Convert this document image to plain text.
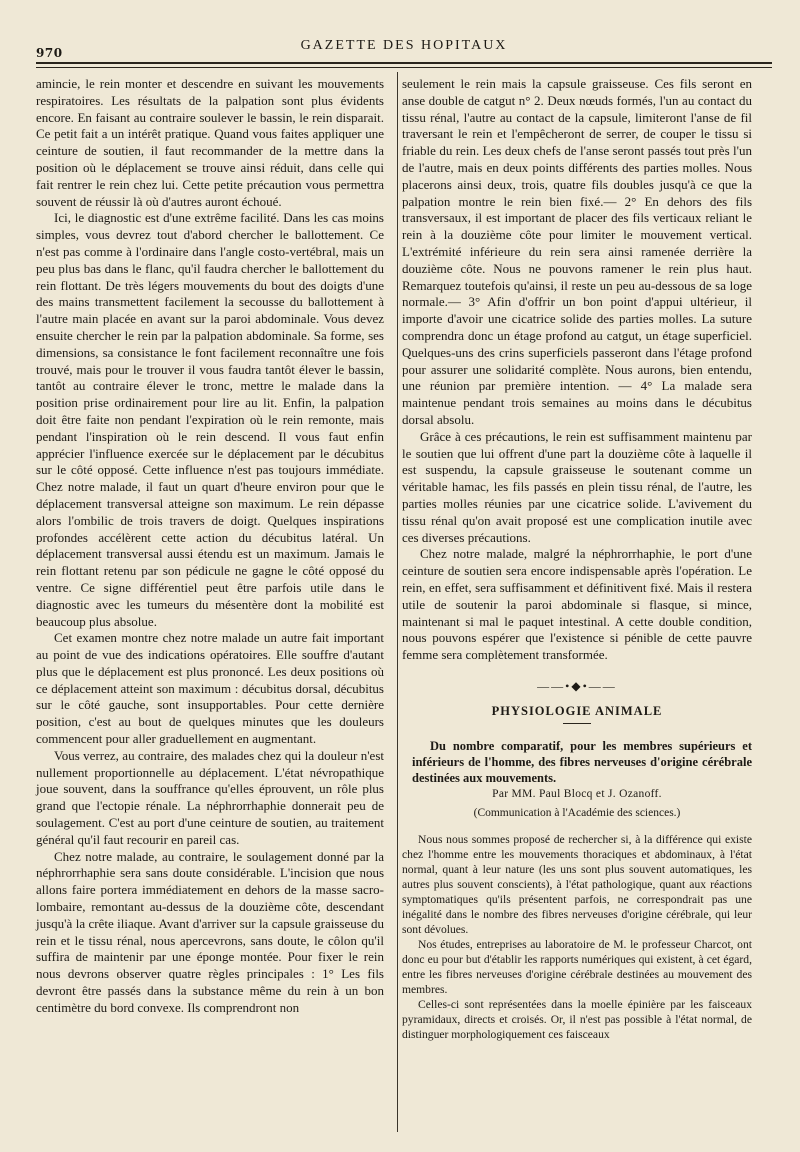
970	GAZETTE DES HOPITAUX

amincie, le rein monter et descendre en suivant les mouvements respiratoires. Les résultats de la palpation sont plus évidents encore. En faisant au contraire soulever le bassin, le rein disparait. Ce petit fait a un intérêt pratique. Quand vous faites appliquer une ceinture de soutien, il faut recommander de la mettre dans la position où le déplacement se trouve ainsi réduit, dans celle qui fait rentrer le rein chez lui. Cette petite précaution vous permettra souvent de réussir là où d'autres auront échoué.

Ici, le diagnostic est d'une extrême facilité. Dans les cas moins simples, vous devrez tout d'abord chercher le ballottement. Ce n'est pas comme à l'ordinaire dans l'angle costo-vertébral, mais un peu plus bas dans le flanc, qu'il faudra chercher le ballottement du rein flottant. De très légers mouvements du bout des doigts d'une des mains transmettent facilement la secousse du ballottement à l'autre main placée en avant sur la paroi abdominale. Vous devez ensuite chercher le rein par la palpation abdominale. Sa forme, ses dimensions, sa consistance le font facilement reconnaître une fois trouvé, mais pour le trouver il vous faudra tantôt élever le bassin, tantôt au contraire élever le tronc, mettre le malade dans la position prise ordinairement pour lire au lit. Enfin, la palpation doit être faite non pendant l'expiration où le rein remonte, mais pendant l'inspiration où le rein descend. Il vous faut enfin apprécier l'influence exercée sur le déplacement par le décubitus sur le côté opposé. Cette influence n'est pas toujours immédiate. Chez notre malade, il faut un quart d'heure environ pour que le déplacement transversal atteigne son maximum. Le rein dépasse alors l'ombilic de trois travers de doigt. Quelques inspirations profondes accélèrent cette action du décubitus latéral. Un déplacement transversal aussi étendu est un maximum. Jamais le rein flottant retenu par son pédicule ne gagne le côté opposé du ventre. Ce signe différentiel peut être parfois utile dans le diagnostic avec les tumeurs du mésentère dont la mobilité est beaucoup plus absolue.

Cet examen montre chez notre malade un autre fait important au point de vue des indications opératoires. Elle souffre d'autant plus que le déplacement est plus prononcé. Les deux positions où ce déplacement atteint son maximum : décubitus dorsal, décubitus sur le côté gauche, sont insupportables. Pour cette dernière position, c'est au bout de quelques minutes que les douleurs commencent pour aller graduellement en augmentant.

Vous verrez, au contraire, des malades chez qui la douleur n'est nullement proportionnelle au déplacement. L'état névropathique joue souvent, dans la souffrance qu'elles éprouvent, un rôle plus grand que l'ectopie rénale. La néphrorrhaphie donnerait peu de soulagement. C'est au port d'une ceinture de soutien, au traitement général qu'il faut recourir en pareil cas.

Chez notre malade, au contraire, le soulagement donné par la néphrorrhaphie sera sans doute considérable. L'incision que nous allons faire portera immédiatement en dehors de la masse sacro-lombaire, remontant au-dessus de la douzième côte, descendant jusqu'à la crête iliaque. Avant d'arriver sur la capsule graisseuse du rein et le tissu rénal, nous apercevrons, sans doute, le côlon qu'il suffira de maintenir par une éponge montée. Pour fixer le rein nous devrons observer quatre règles principales : 1° Les fils devront être passés dans la substance même du rein à un bon centimètre du bord convexe. Ils comprendront non

seulement le rein mais la capsule graisseuse. Ces fils seront en anse double de catgut n° 2. Deux nœuds formés, l'un au contact du tissu rénal, l'autre au contact de la capsule, limiteront l'anse de fil traversant le rein et l'empêcheront de serrer, de couper le tissu si friable du rein. Les deux chefs de l'anse seront passés tout près l'un de l'autre, mais en deux points différents des parties molles. Nous placerons ainsi deux, trois, quatre fils doubles jusqu'à ce que la palpation montre le rein bien fixé.— 2° En dehors des fils transversaux, il est important de placer des fils verticaux reliant le rein à la douzième côte pour limiter le mouvement vertical. L'extrémité inférieure du rein sera ainsi ramenée derrière la douzième côte. Nous ne pouvons ramener le rein plus haut. Remarquez toutefois qu'ainsi, il reste un peu au-dessous de sa loge normale.— 3° Afin d'offrir un bon point d'appui ultérieur, il importe d'avoir une cicatrice solide des parties molles. La suture comprendra donc un étage profond au catgut, un étage superficiel. Quelques-uns des crins superficiels passeront dans l'étage profond pour assurer une solidarité complète. Nous aurons, bien entendu, une réunion par première intention. — 4° La malade sera maintenue pendant trois semaines au moins dans le décubitus dorsal absolu.

Grâce à ces précautions, le rein est suffisamment maintenu par le soutien que lui offrent d'une part la douzième côte à laquelle il est suspendu, la capsule graisseuse le soutenant comme un véritable hamac, les fils passés en plein tissu rénal, de l'autre, les parties molles réunies par une cicatrice solide. L'avivement du tissu rénal qu'on avait proposé est une complication inutile avec ces diverses précautions.

Chez notre malade, malgré la néphrorrhaphie, le port d'une ceinture de soutien sera encore indispensable après l'opération. Le rein, en effet, sera suffisamment et définitivent fixé. Mais il restera utile de soutenir la paroi abdominale si flasque, si mince, maintenant si mal le paquet intestinal. A cette double condition, nous pouvons espérer que l'existence si pénible de cette pauvre femme sera complètement transformée.

——•◆•——
PHYSIOLOGIE ANIMALE

Du nombre comparatif, pour les membres supérieurs et inférieurs de l'homme, des fibres nerveuses d'origine cérébrale destinées aux mouvements.

Par MM. Paul Blocq et J. Ozanoff.
(Communication à l'Académie des sciences.)

Nous nous sommes proposé de rechercher si, à la différence qui existe chez l'homme entre les mouvements thoraciques et abdominaux, à l'état normal, quant à leur nature (les uns sont plus souvent automatiques, les autres plus souvent conscients), à l'état pathologique, quant aux réactions symptomatiques qu'ils présentent parfois, ne correspondrait pas une inégalité dans le nombre des fibres nerveuses d'origine cérébrale, qui leur sont dévolues.

Nos études, entreprises au laboratoire de M. le professeur Charcot, ont donc eu pour but d'établir les rapports numériques qui existent, à cet égard, entre les fibres nerveuses d'origine cérébrale destinées au mouvement des membres.

Celles-ci sont représentées dans la moelle épinière par les faisceaux pyramidaux, directs et croisés. Or, il n'est pas possible à l'état normal, de distinguer morphologiquement ces faisceaux
